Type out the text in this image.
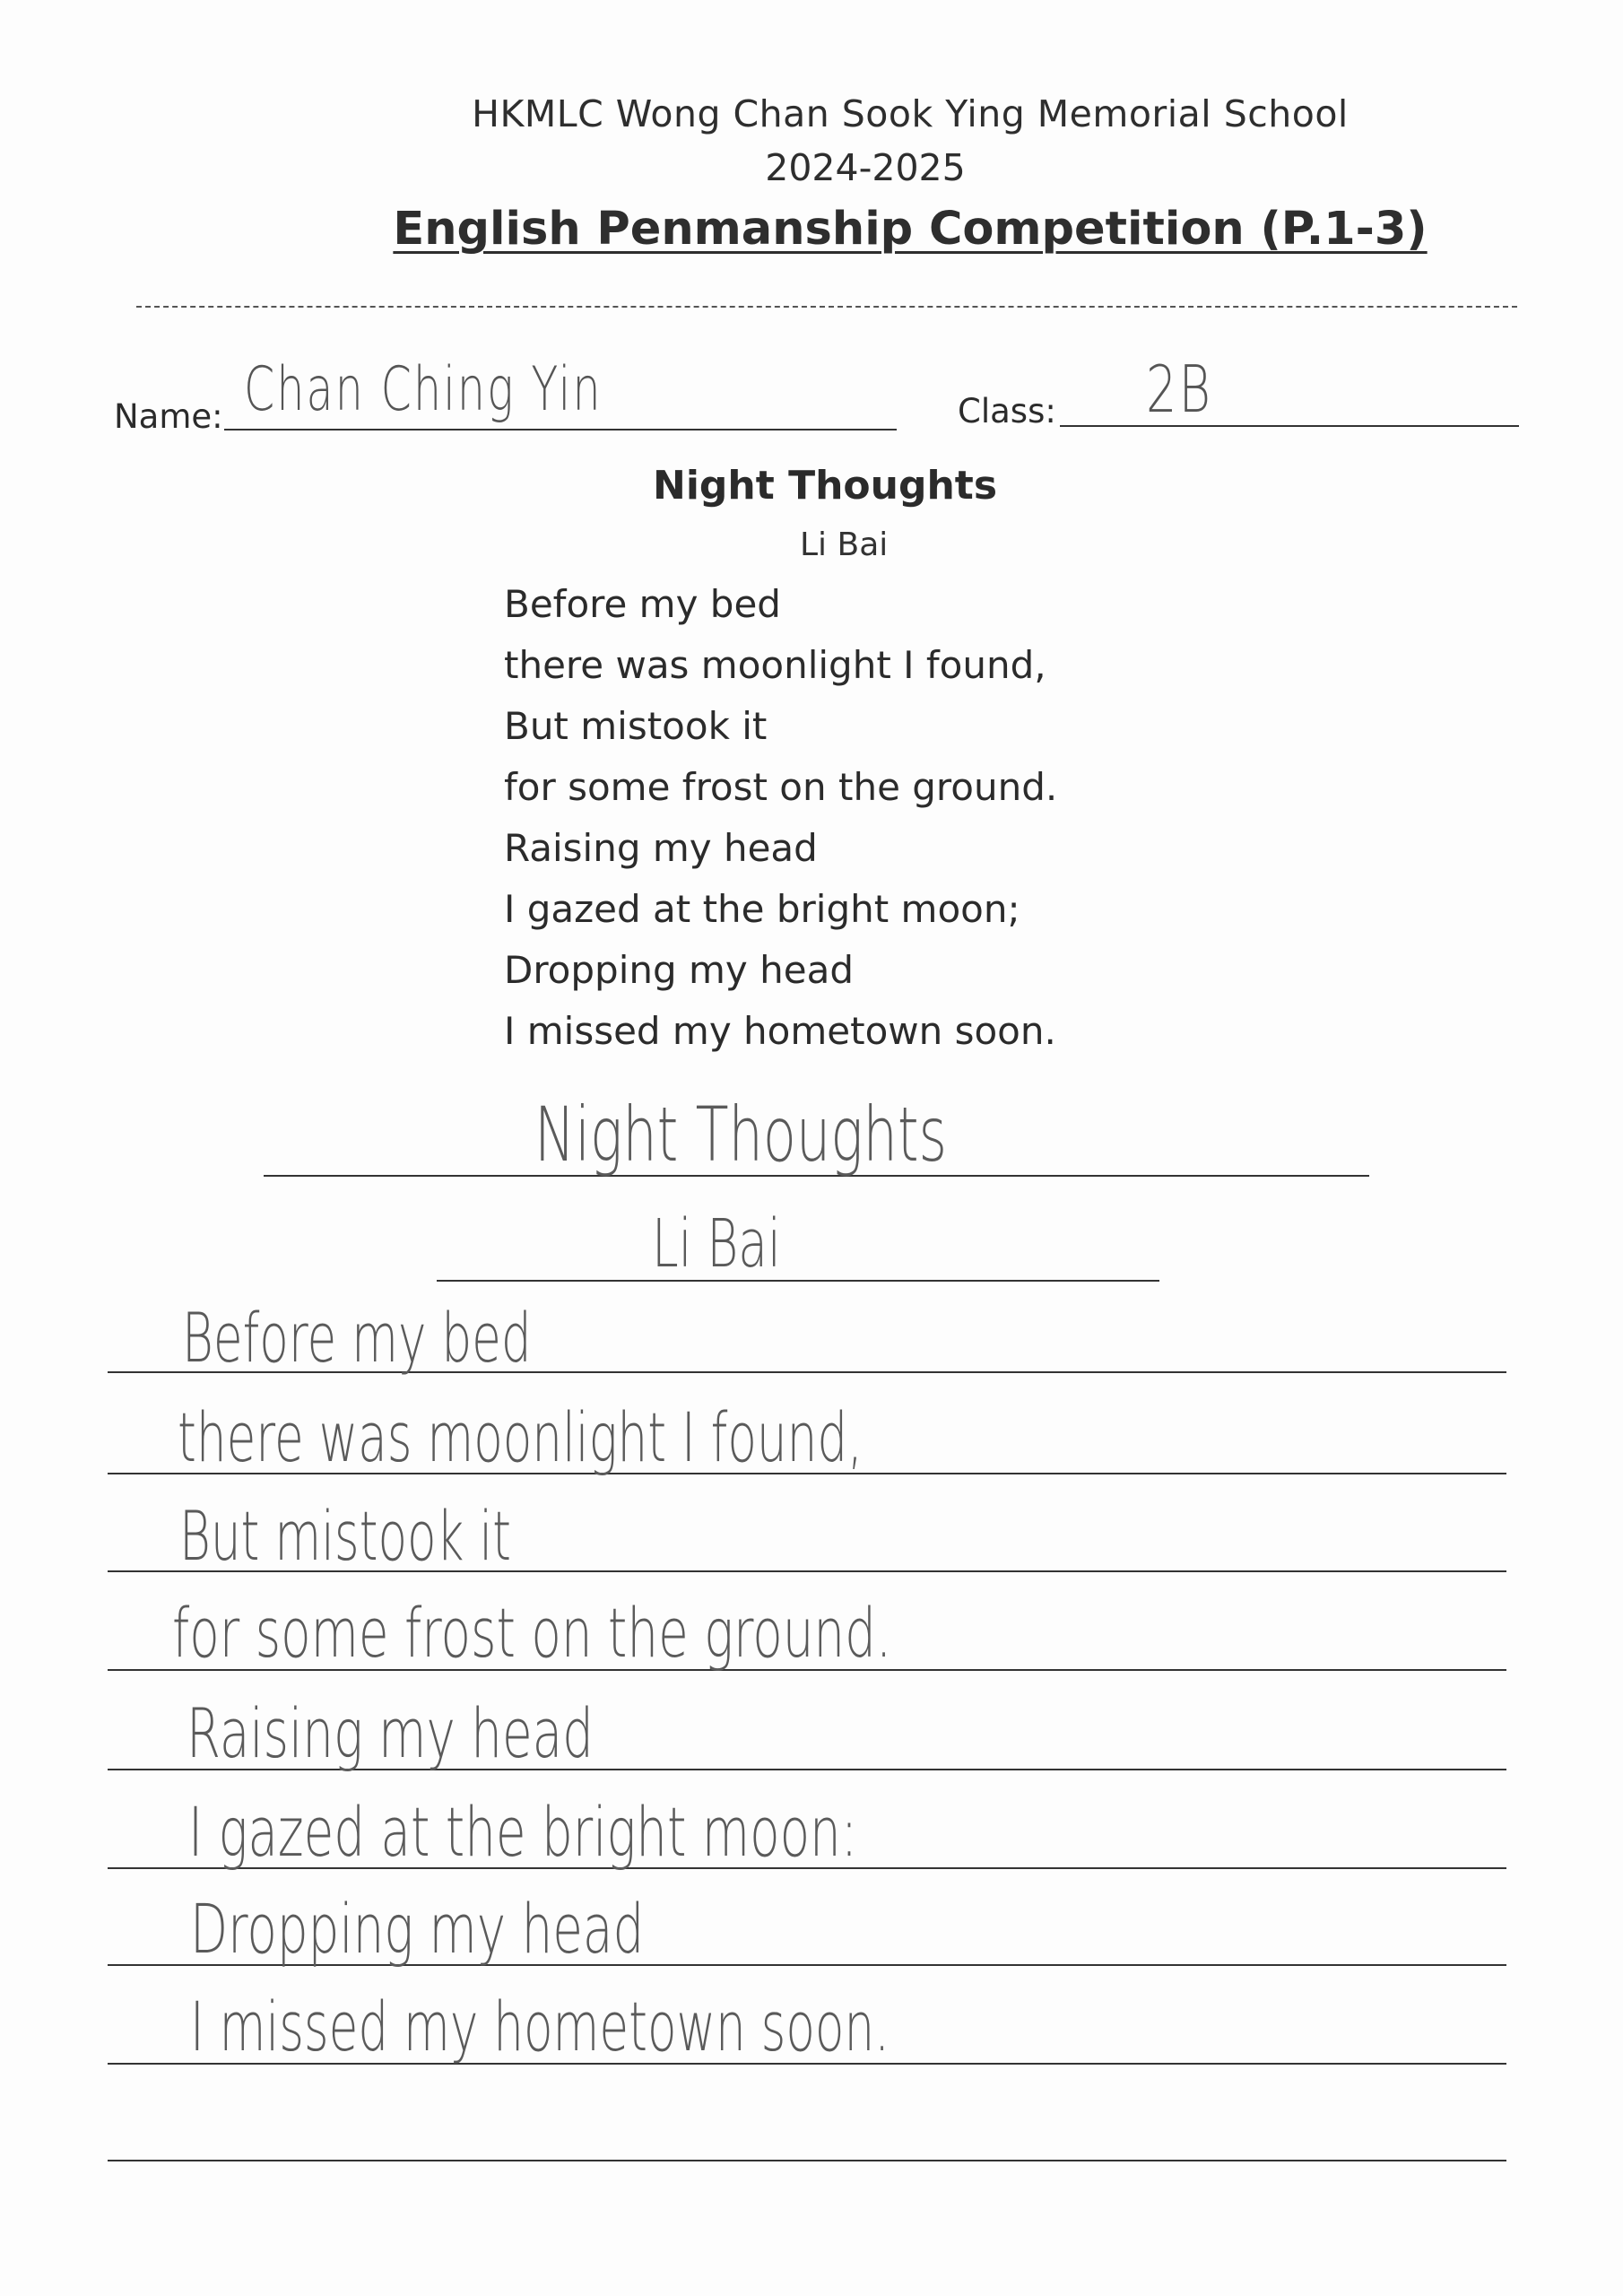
HKMLC Wong Chan Sook Ying Memorial School
2024-2025
English Penmanship Competition (P.1-3)
Name: Chan Ching Yin	Class: 2B
Night Thoughts
Li Bai
Before my bed
there was moonlight I found,
But mistook it
for some frost on the ground.
Raising my head
I gazed at the bright moon;
Dropping my head
I missed my hometown soon.
Night Thoughts
Li Bai
Before my bed
there was moonlight I found,
But mistook it
for some frost on the ground.
Raising my head
I gazed at the bright moon:
Dropping my head
I missed my hometown soon.
